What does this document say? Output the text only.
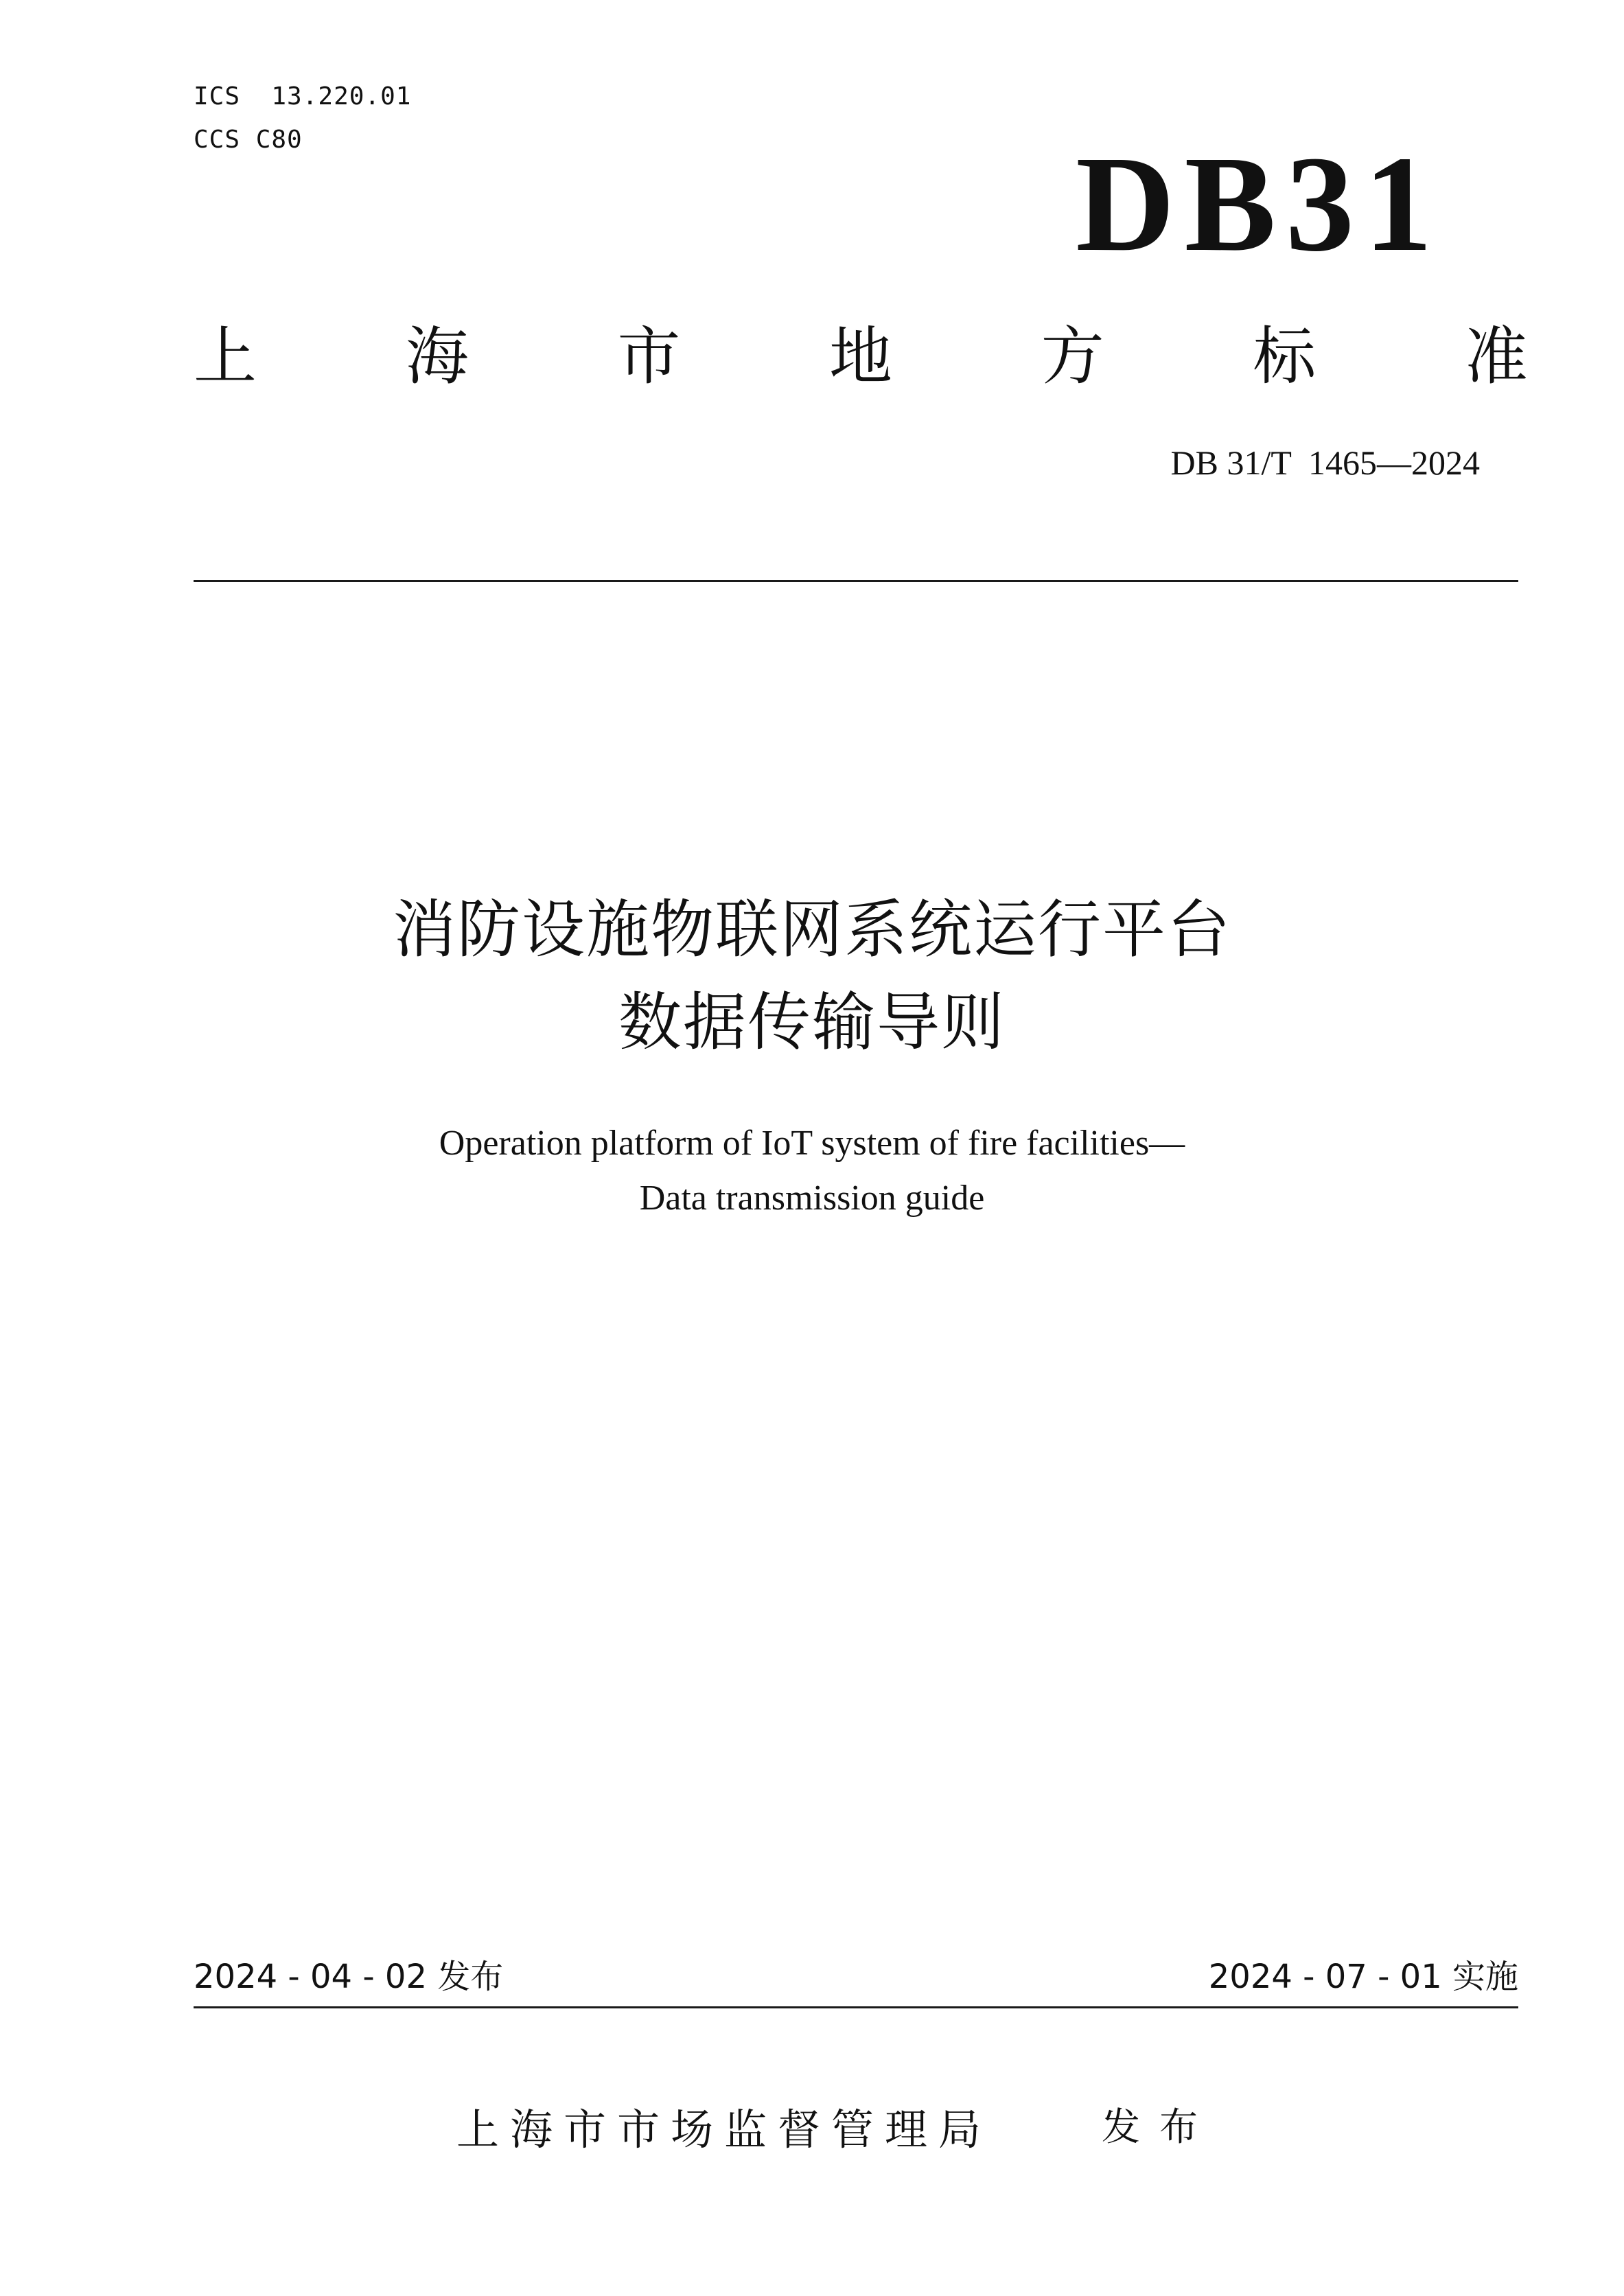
ICS  13.220.01
CCS C80	DB31
上 海 市 地 方 标 准
DB 31/T  1465—2024
消防设施物联网系统运行平台
数据传输导则
Operation platform of IoT system of fire facilities—
Data transmission guide
2024 - 04 - 02 发布	2024 - 07 - 01 实施
上海市市场监督管理局	发布
